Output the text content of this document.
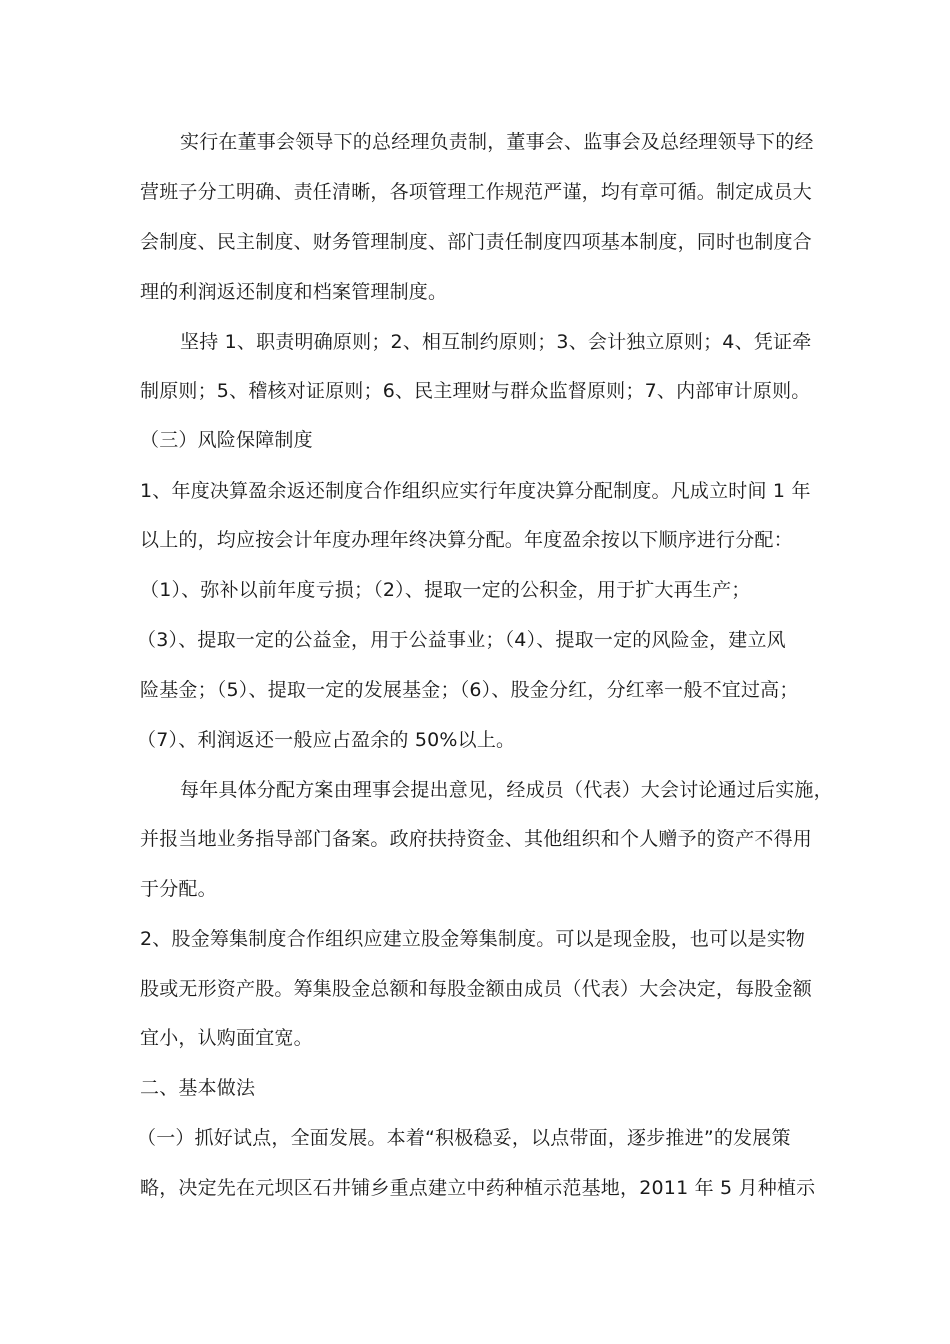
实行在董事会领导下的总经理负责制，董事会、监事会及总经理领导下的经
营班子分工明确、责任清晰，各项管理工作规范严谨，均有章可循。制定成员大
会制度、民主制度、财务管理制度、部门责任制度四项基本制度，同时也制度合
理的利润返还制度和档案管理制度。
坚持 1、职责明确原则；2、相互制约原则；3、会计独立原则；4、凭证牵
制原则；5、稽核对证原则；6、民主理财与群众监督原则；7、内部审计原则。
（三）风险保障制度
1、年度决算盈余返还制度合作组织应实行年度决算分配制度。凡成立时间 1 年
以上的，均应按会计年度办理年终决算分配。年度盈余按以下顺序进行分配：
（1）、弥补以前年度亏损；（2）、提取一定的公积金，用于扩大再生产；
（3）、提取一定的公益金，用于公益事业；（4）、提取一定的风险金，建立风
险基金；（5）、提取一定的发展基金；（6）、股金分红，分红率一般不宜过高；
（7）、利润返还一般应占盈余的 50%以上。
每年具体分配方案由理事会提出意见，经成员（代表）大会讨论通过后实施，
并报当地业务指导部门备案。政府扶持资金、其他组织和个人赠予的资产不得用
于分配。
2、股金筹集制度合作组织应建立股金筹集制度。可以是现金股，也可以是实物
股或无形资产股。筹集股金总额和每股金额由成员（代表）大会决定，每股金额
宜小，认购面宜宽。
二、基本做法
（一）抓好试点，全面发展。本着“积极稳妥，以点带面，逐步推进”的发展策
略，决定先在元坝区石井铺乡重点建立中药种植示范基地，2011 年 5 月种植示
